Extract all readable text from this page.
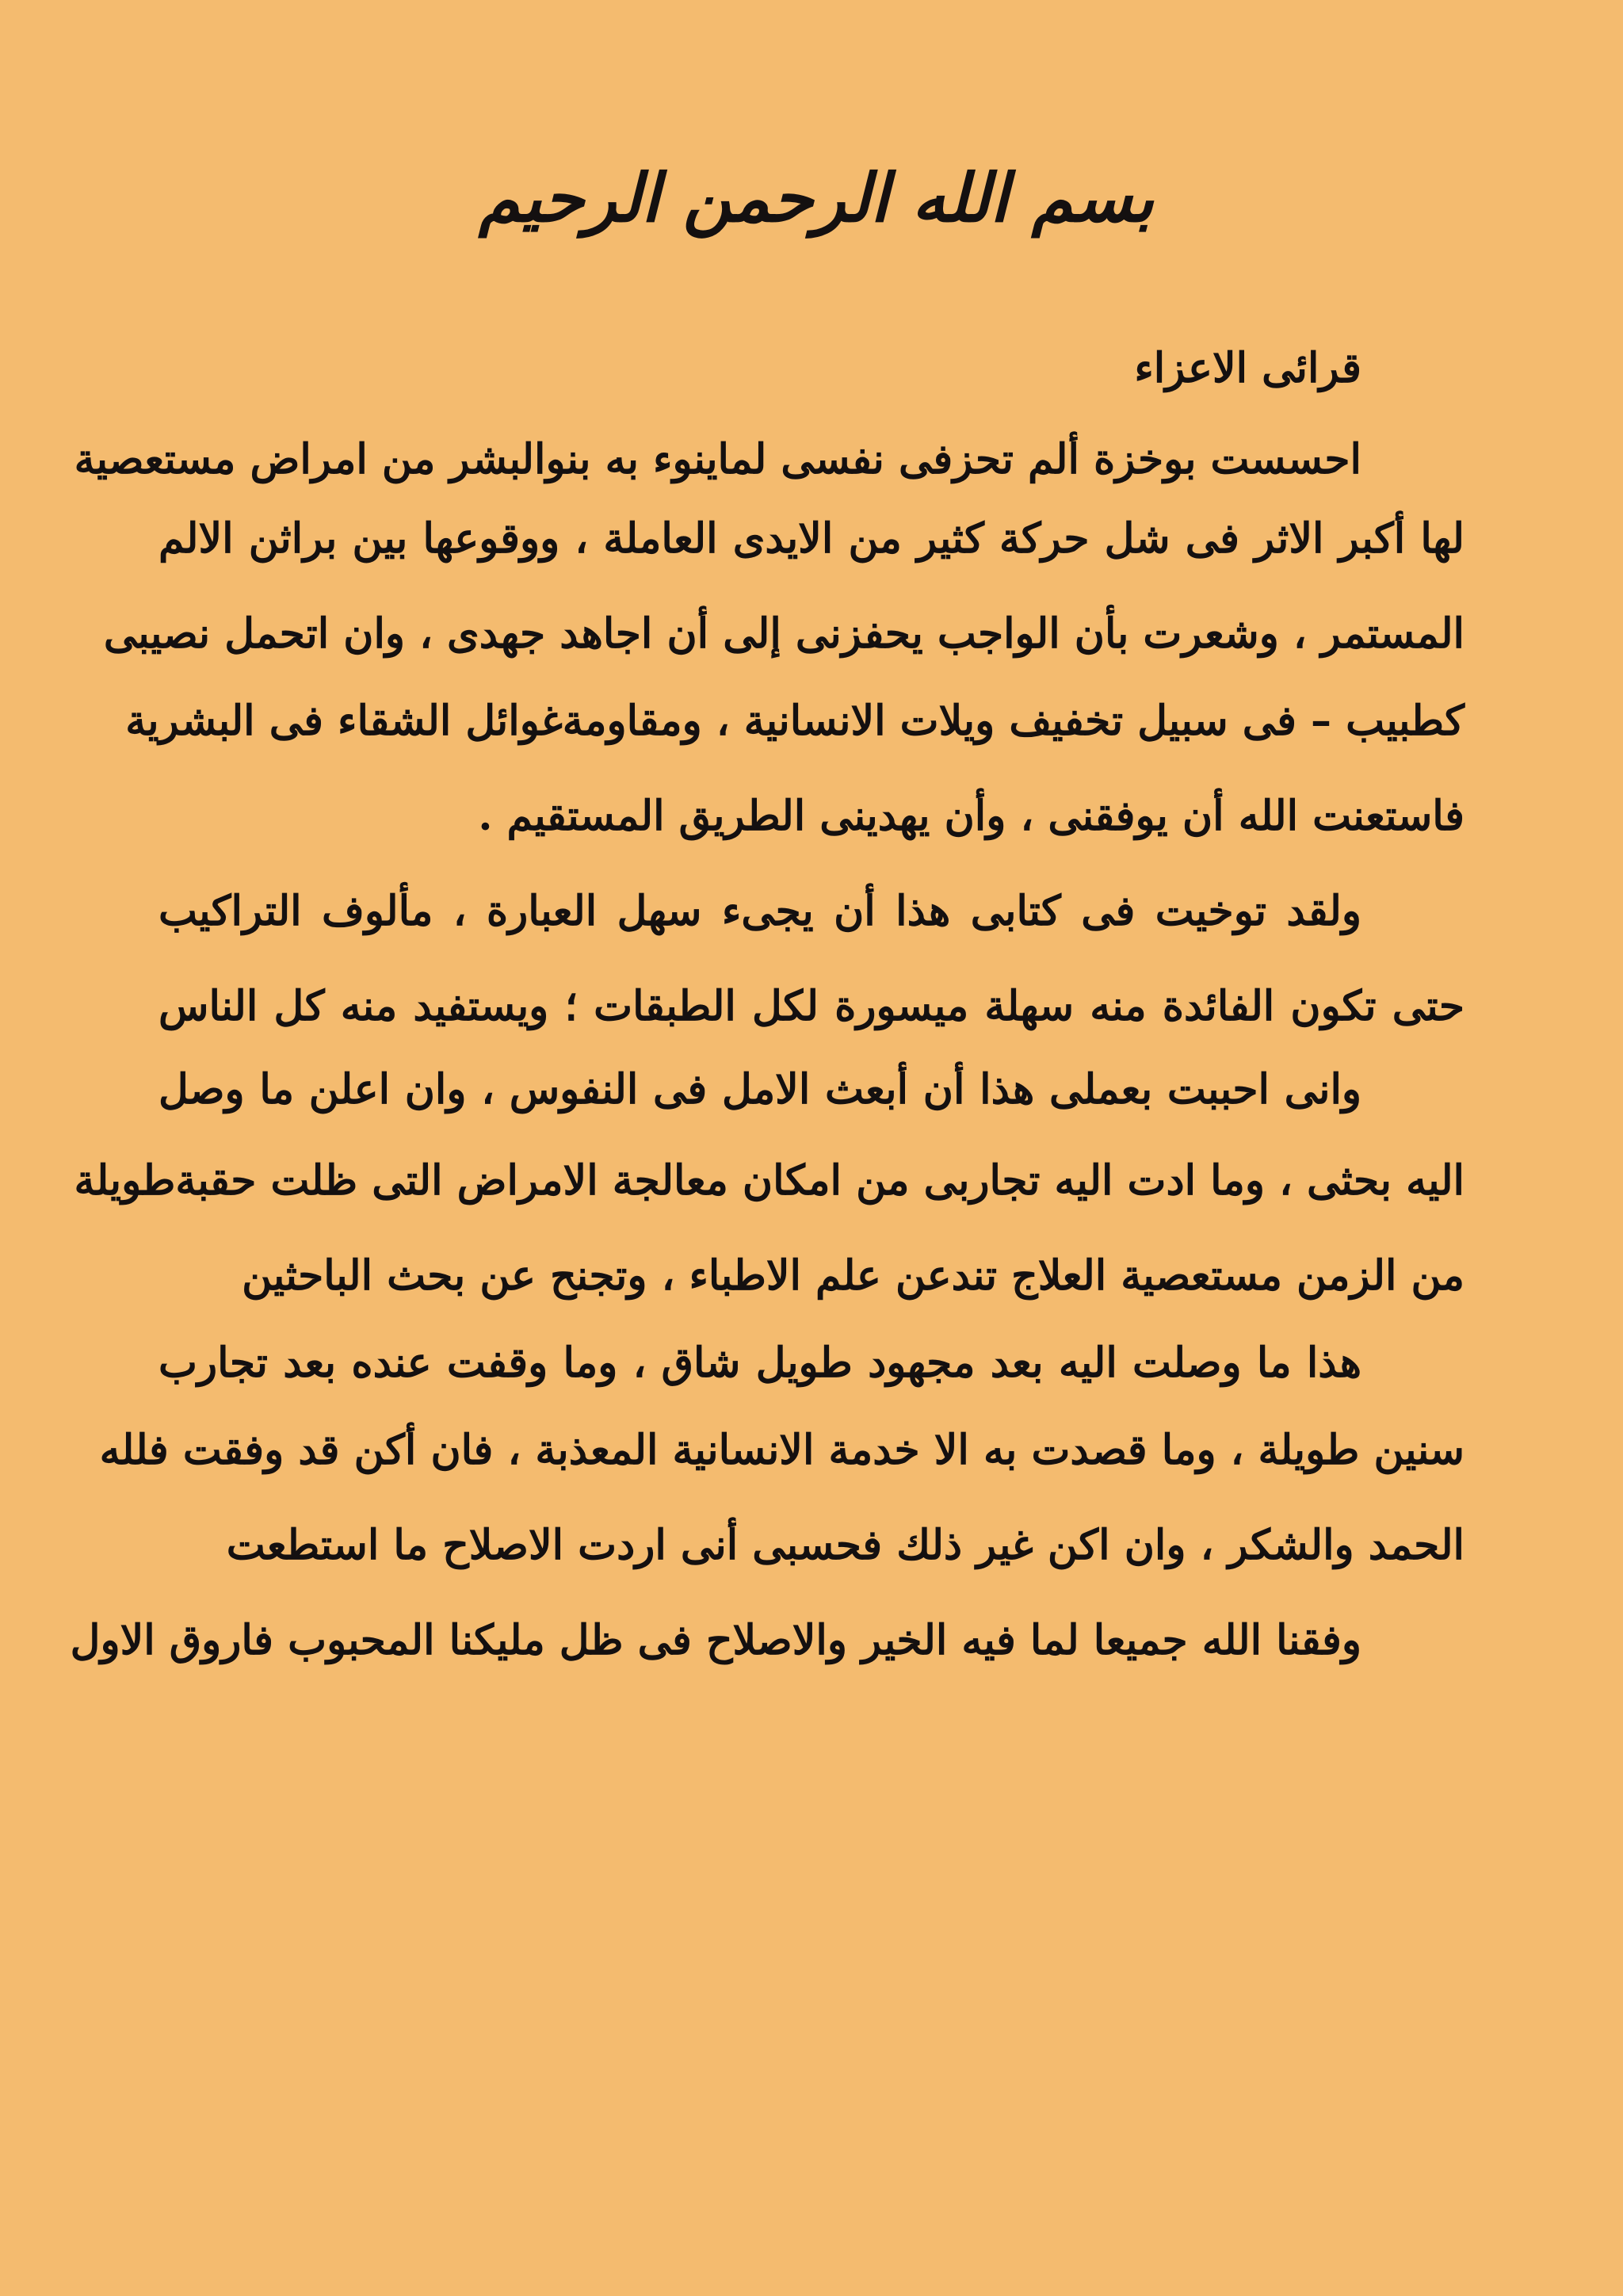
بسم الله الرحمن الرحيم
قرائى الاعزاء
احسست بوخزة ألم تحزفى نفسى لماينوء به بنوالبشر من امراض مستعصية
لها أكبر الاثر فى شل حركة كثير من الايدى العاملة ، ووقوعها بين براثن الالم
المستمر ، وشعرت بأن الواجب يحفزنى إلى أن اجاهد جهدى ، وان اتحمل نصيبى
كطبيب – فى سبيل تخفيف ويلات الانسانية ، ومقاومةغوائل الشقاء فى البشرية
فاستعنت الله أن يوفقنى ، وأن يهدينى الطريق المستقيم .
ولقد توخيت فى كتابى هذا أن يجىء سهل العبارة ، مألوف التراكيب
حتى تكون الفائدة منه سهلة ميسورة لكل الطبقات ؛ ويستفيد منه كل الناس
وانى احببت بعملى هذا أن أبعث الامل فى النفوس ، وان اعلن ما وصل
اليه بحثى ، وما ادت اليه تجاربى من امكان معالجة الامراض التى ظلت حقبةطويلة
من الزمن مستعصية العلاج تندعن علم الاطباء ، وتجنح عن بحث الباحثين
هذا ما وصلت اليه بعد مجهود طويل شاق ، وما وقفت عنده بعد تجارب
سنين طويلة ، وما قصدت به الا خدمة الانسانية المعذبة ، فان أكن قد وفقت فلله
الحمد والشكر ، وان اكن غير ذلك فحسبى أنى اردت الاصلاح ما استطعت
وفقنا الله جميعا لما فيه الخير والاصلاح فى ظل مليكنا المحبوب فاروق الاول
